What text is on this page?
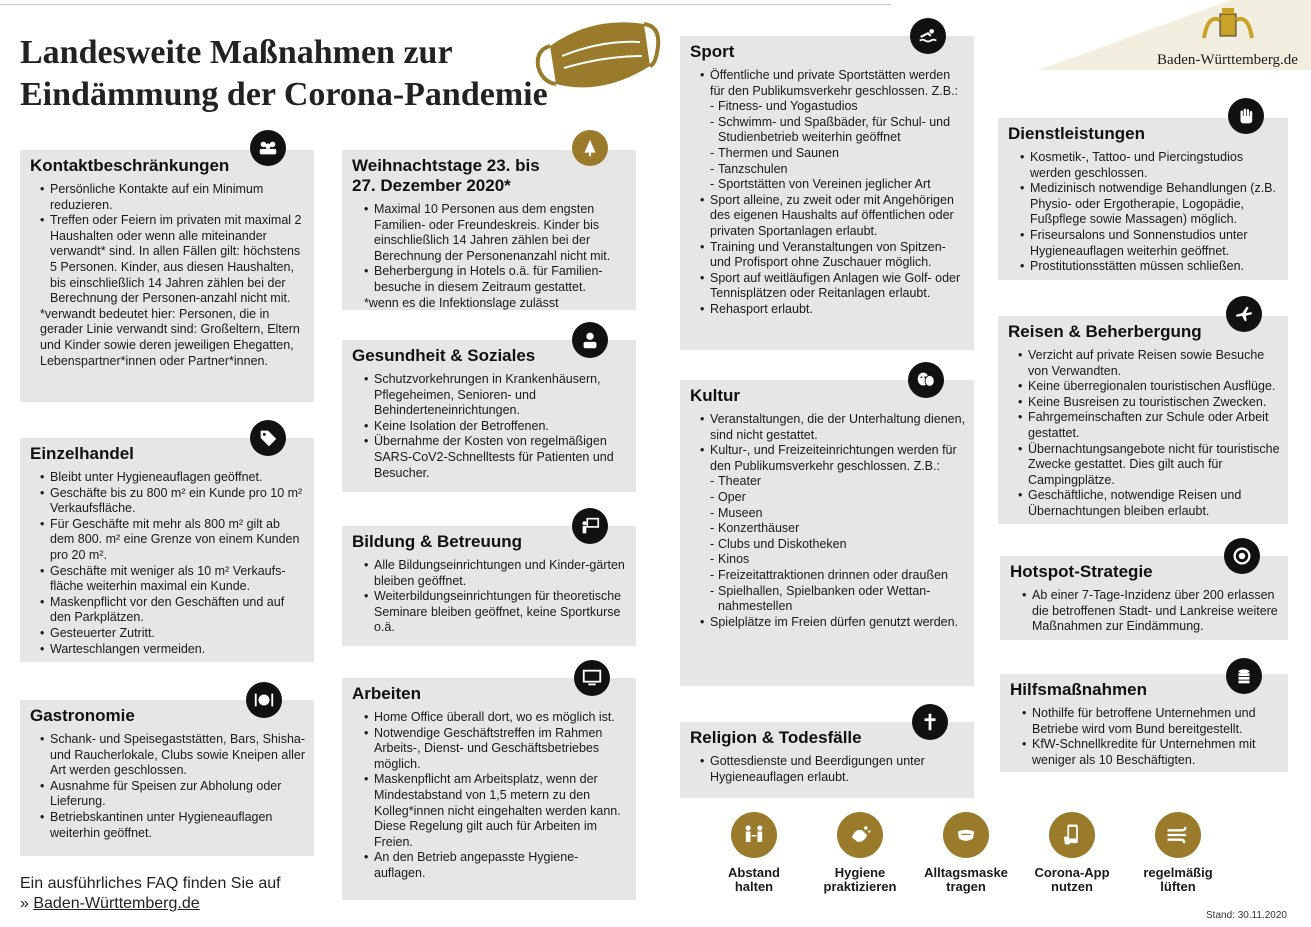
Landesweite Maßnahmen zur
Eindämmung der Corona-Pandemie
Baden-Württemberg.de
Kontaktbeschränkungen
• Persönliche Kontakte auf ein Minimum reduzieren.
• Treffen oder Feiern im privaten mit maximal 2 Haushalten oder wenn alle miteinander verwandt* sind. In allen Fällen gilt: höchstens 5 Personen. Kinder, aus diesen Haushalten, bis einschließlich 14 Jahren zählen bei der Berechnung der Personen-anzahl nicht mit.
*verwandt bedeutet hier: Personen, die in gerader Linie verwandt sind: Großeltern, Eltern und Kinder sowie deren jeweiligen Ehegatten, Lebenspartner*innen oder Partner*innen.
Einzelhandel
• Bleibt unter Hygieneauflagen geöffnet.
• Geschäfte bis zu 800 m² ein Kunde pro 10 m² Verkaufsfläche.
• Für Geschäfte mit mehr als 800 m² gilt ab dem 800. m² eine Grenze von einem Kunden pro 20 m².
• Geschäfte mit weniger als 10 m² Verkaufs-fläche weiterhin maximal ein Kunde.
• Maskenpflicht vor den Geschäften und auf den Parkplätzen.
• Gesteuerter Zutritt.
• Warteschlangen vermeiden.
Gastronomie
• Schank- und Speisegaststätten, Bars, Shisha- und Raucherlokale, Clubs sowie Kneipen aller Art werden geschlossen.
• Ausnahme für Speisen zur Abholung oder Lieferung.
• Betriebskantinen unter Hygieneauflagen weiterhin geöffnet.
Ein ausführliches FAQ finden Sie auf
» Baden-Württemberg.de
Weihnachtstage 23. bis 27. Dezember 2020*
• Maximal 10 Personen aus dem engsten Familien- oder Freundeskreis. Kinder bis einschließlich 14 Jahren zählen bei der Berechnung der Personenanzahl nicht mit.
• Beherbergung in Hotels o.ä. für Familien-besuche in diesem Zeitraum gestattet.
*wenn es die Infektionslage zulässt
Gesundheit & Soziales
• Schutzvorkehrungen in Krankenhäusern, Pflegeheimen, Senioren- und Behinderteneinrichtungen.
• Keine Isolation der Betroffenen.
• Übernahme der Kosten von regelmäßigen SARS-CoV2-Schnelltests für Patienten und Besucher.
Bildung & Betreuung
• Alle Bildungseinrichtungen und Kinder-gärten bleiben geöffnet.
• Weiterbildungseinrichtungen für theoretische Seminare bleiben geöffnet, keine Sportkurse o.ä.
Arbeiten
• Home Office überall dort, wo es möglich ist.
• Notwendige Geschäftstreffen im Rahmen Arbeits-, Dienst- und Geschäftsbetriebes möglich.
• Maskenpflicht am Arbeitsplatz, wenn der Mindestabstand von 1,5 metern zu den Kolleg*innen nicht eingehalten werden kann. Diese Regelung gilt auch für Arbeiten im Freien.
• An den Betrieb angepasste Hygiene-auflagen.
Sport
• Öffentliche und private Sportstätten werden für den Publikumsverkehr geschlossen. Z.B.:
- Fitness- und Yogastudios
- Schwimm- und Spaßbäder, für Schul- und Studienbetrieb weiterhin geöffnet
- Thermen und Saunen
- Tanzschulen
- Sportstätten von Vereinen jeglicher Art
• Sport alleine, zu zweit oder mit Angehörigen des eigenen Haushalts auf öffentlichen oder privaten Sportanlagen erlaubt.
• Training und Veranstaltungen von Spitzen- und Profisport ohne Zuschauer möglich.
• Sport auf weitläufigen Anlagen wie Golf- oder Tennisplätzen oder Reitanlagen erlaubt.
• Rehasport erlaubt.
Kultur
• Veranstaltungen, die der Unterhaltung dienen, sind nicht gestattet.
• Kultur-, und Freizeiteinrichtungen werden für den Publikumsverkehr geschlossen. Z.B.:
- Theater
- Oper
- Museen
- Konzerthäuser
- Clubs und Diskotheken
- Kinos
- Freizeitattraktionen drinnen oder draußen
- Spielhallen, Spielbanken oder Wettan-nahmestellen
• Spielplätze im Freien dürfen genutzt werden.
Religion & Todesfälle
• Gottesdienste und Beerdigungen unter Hygieneauflagen erlaubt.
Dienstleistungen
• Kosmetik-, Tattoo- und Piercingstudios werden geschlossen.
• Medizinisch notwendige Behandlungen (z.B. Physio- oder Ergotherapie, Logopädie, Fußpflege sowie Massagen) möglich.
• Friseursalons und Sonnenstudios unter Hygieneauflagen weiterhin geöffnet.
• Prostitutionsstätten müssen schließen.
Reisen & Beherbergung
• Verzicht auf private Reisen sowie Besuche von Verwandten.
• Keine überregionalen touristischen Ausflüge.
• Keine Busreisen zu touristischen Zwecken.
• Fahrgemeinschaften zur Schule oder Arbeit gestattet.
• Übernachtungsangebote nicht für touristische Zwecke gestattet. Dies gilt auch für Campingplätze.
• Geschäftliche, notwendige Reisen und Übernachtungen bleiben erlaubt.
Hotspot-Strategie
• Ab einer 7-Tage-Inzidenz über 200 erlassen die betroffenen Stadt- und Lankreise weitere Maßnahmen zur Eindämmung.
Hilfsmaßnahmen
• Nothilfe für betroffene Unternehmen und Betriebe wird vom Bund bereitgestellt.
• KfW-Schnellkredite für Unternehmen mit weniger als 10 Beschäftigten.
Abstand
halten
Hygiene
praktizieren
Alltagsmaske
tragen
Corona-App
nutzen
regelmäßig
lüften
Stand: 30.11.2020
